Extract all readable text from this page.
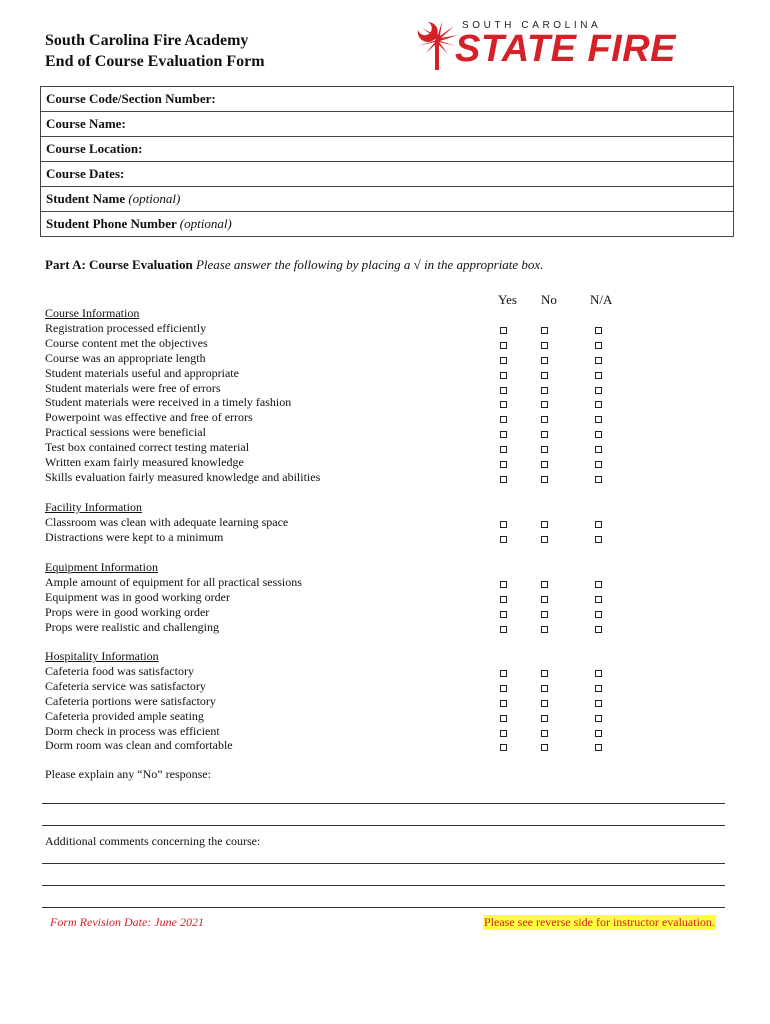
South Carolina Fire Academy
End of Course Evaluation Form
SOUTH CAROLINA
STATE FIRE
Course Code/Section Number:
Course Name:
Course Location:
Course Dates:
Student Name (optional)
Student Phone Number (optional)
Part A: Course Evaluation Please answer the following by placing a √ in the appropriate box.
Yes No	N/A
Course Information
Registration processed efficiently
Course content met the objectives
Course was an appropriate length
Student materials useful and appropriate
Student materials were free of errors
Student materials were received in a timely fashion
Powerpoint was effective and free of errors
Practical sessions were beneficial
Test box contained correct testing material
Written exam fairly measured knowledge
Skills evaluation fairly measured knowledge and abilities
Facility Information
Classroom was clean with adequate learning space
Distractions were kept to a minimum
Equipment Information
Ample amount of equipment for all practical sessions
Equipment was in good working order
Props were in good working order
Props were realistic and challenging
Hospitality Information
Cafeteria food was satisfactory
Cafeteria service was satisfactory
Cafeteria portions were satisfactory
Cafeteria provided ample seating
Dorm check in process was efficient
Dorm room was clean and comfortable
Please explain any “No” response:
Additional comments concerning the course:
Form Revision Date: June 2021	Please see reverse side for instructor evaluation.
